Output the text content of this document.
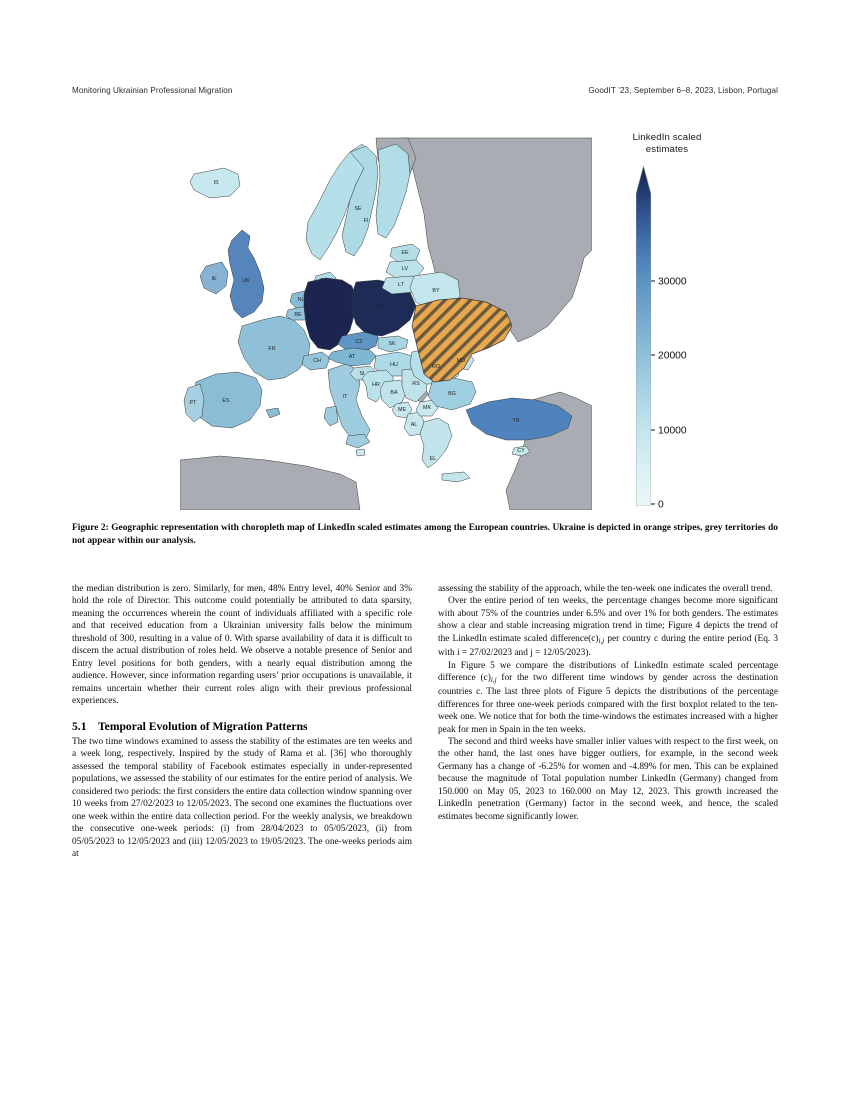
Monitoring Ukrainian Professional Migration	GoodIT ’23, September 6–8, 2023, Lisbon, Portugal
IS
UK
IE
FR
BE
NL
CH
ES
PT
IT
DE
PL
CZ
AT
SK
HU
SI
HR
BA
RS
ME	MK
AL
RO
BG
EL
CY
EE
LV
LT
BY
MD
FI
SE
DK
TR
LinkedIn scaled
estimates
30000
20000
10000
0
Figure 2: Geographic representation with choropleth map of LinkedIn scaled estimates among the European countries. Ukraine is depicted in orange stripes, grey territories do not appear within our analysis.

the median distribution is zero. Similarly, for men, 48% Entry level, 40% Senior and 3% hold the role of Director. This outcome could potentially be attributed to data sparsity, meaning the occurrences wherein the count of individuals affiliated with a specific role and that received education from a Ukrainian university falls below the minimum threshold of 300, resulting in a value of 0. With sparse availability of data it is difficult to discern the actual distribution of roles held. We observe a notable presence of Senior and Entry level positions for both genders, with a nearly equal distribution among the audience. However, since information regarding users’ prior occupations is unavailable, it remains uncertain whether their current roles align with their previous professional experiences.

5.1 Temporal Evolution of Migration Patterns

The two time windows examined to assess the stability of the estimates are ten weeks and a week long, respectively. Inspired by the study of Rama et al. [36] who thoroughly assessed the temporal stability of Facebook estimates especially in under-represented populations, we assessed the stability of our estimates for the entire period of analysis. We considered two periods: the first considers the entire data collection window spanning over 10 weeks from 27/02/2023 to 12/05/2023. The second one examines the fluctuations over one week within the entire data collection period. For the weekly analysis, we breakdown the consecutive one-week periods: (i) from 28/04/2023 to 05/05/2023, (ii) from 05/05/2023 to 12/05/2023 and (iii) 12/05/2023 to 19/05/2023. The one-weeks periods aim at

assessing the stability of the approach, while the ten-week one indicates the overall trend.

Over the entire period of ten weeks, the percentage changes become more significant with about 75% of the countries under 6.5% and over 1% for both genders. The estimates show a clear and stable increasing migration trend in time; Figure 4 depicts the trend of the LinkedIn estimate scaled $difference(c)_{i,j}$ per country c during the entire period (Eq. 3 with i = 27/02/2023 and j = 12/05/2023).

In Figure 5 we compare the distributions of LinkedIn estimate scaled percentage difference $(c)_{i,j}$ for the two different time windows by gender across the destination countries c. The last three plots of Figure 5 depicts the distributions of the percentage differences for three one-week periods compared with the first boxplot related to the ten-week one. We notice that for both the time-windows the estimates increased with a higher peak for men in Spain in the ten weeks.

The second and third weeks have smaller inlier values with respect to the first week, on the other hand, the last ones have bigger outliers, for example, in the second week Germany has a change of -6.25% for women and -4.89% for men. This can be explained because the magnitude of Total population number LinkedIn (Germany) changed from 150.000 on May 05, 2023 to 160.000 on May 12, 2023. This growth increased the LinkedIn penetration (Germany) factor in the second week, and hence, the scaled estimates become significantly lower.
